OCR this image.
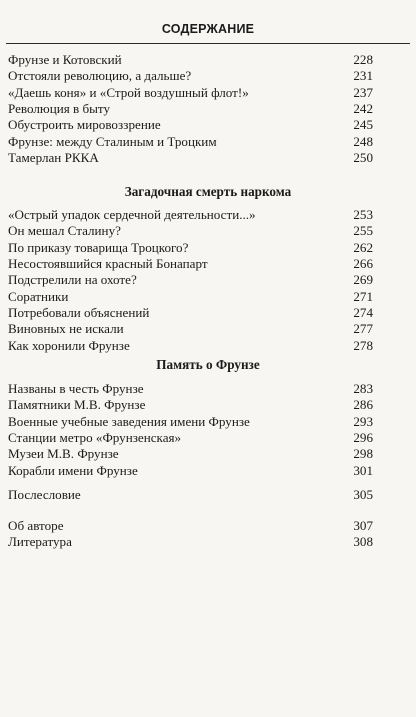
СОДЕРЖАНИЕ
Фрунзе и Котовский	228
Отстояли революцию, а дальше?	231
«Даешь коня» и «Строй воздушный флот!»	237
Революция в быту	242
Обустроить мировоззрение	245
Фрунзе: между Сталиным и Троцким	248
Тамерлан РККА	250
Загадочная смерть наркома
«Острый упадок сердечной деятельности...»	253
Он мешал Сталину?	255
По приказу товарища Троцкого?	262
Несостоявшийся красный Бонапарт	266
Подстрелили на охоте?	269
Соратники	271
Потребовали объяснений	274
Виновных не искали	277
Как хоронили Фрунзе	278
Память о Фрунзе
Названы в честь Фрунзе	283
Памятники М.В. Фрунзе	286
Военные учебные заведения имени Фрунзе	293
Станции метро «Фрунзенская»	296
Музеи М.В. Фрунзе	298
Корабли имени Фрунзе	301
Послесловие	305
Об авторе	307
Литература	308
